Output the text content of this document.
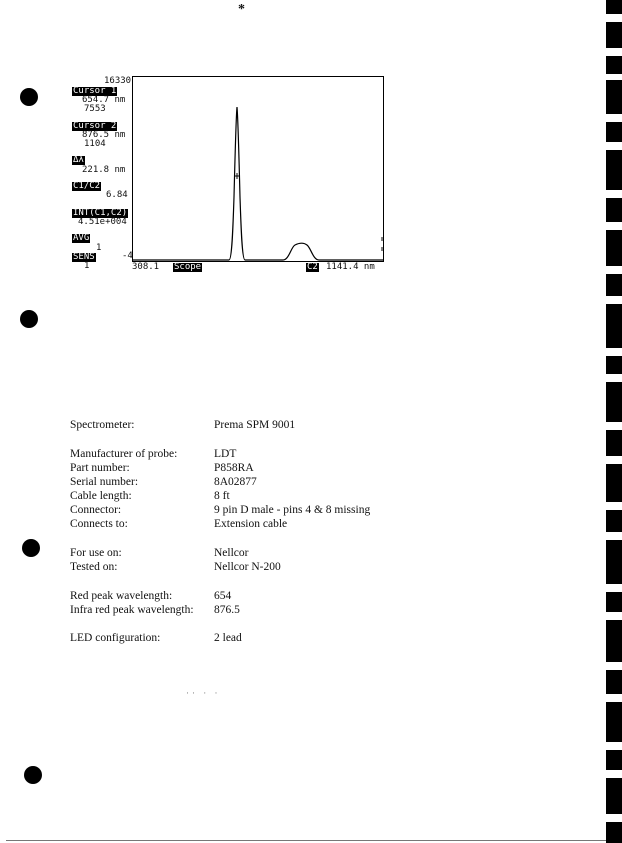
*
16330
Cursor 1
654.7 nm
7553
Cursor 2
876.5 nm
1104
Δλ
221.8 nm
C1/C2
6.84
INT(C1,C2)
4.51e+004
AVG
1
SENS
1
-4
308.1 Scope	C2 1141.4 nm
Spectrometer:	Prema SPM 9001
Manufacturer of probe:	LDT
Part number:	P858RA
Serial number:	8A02877
Cable length:	8 ft
Connector:	9 pin D male - pins 4 & 8 missing
Connects to:	Extension cable
For use on:	Nellcor
Tested on:	Nellcor N-200
Red peak wavelength:	654
Infra red peak wavelength: 876.5
LED configuration:	2 lead
·· · ·
